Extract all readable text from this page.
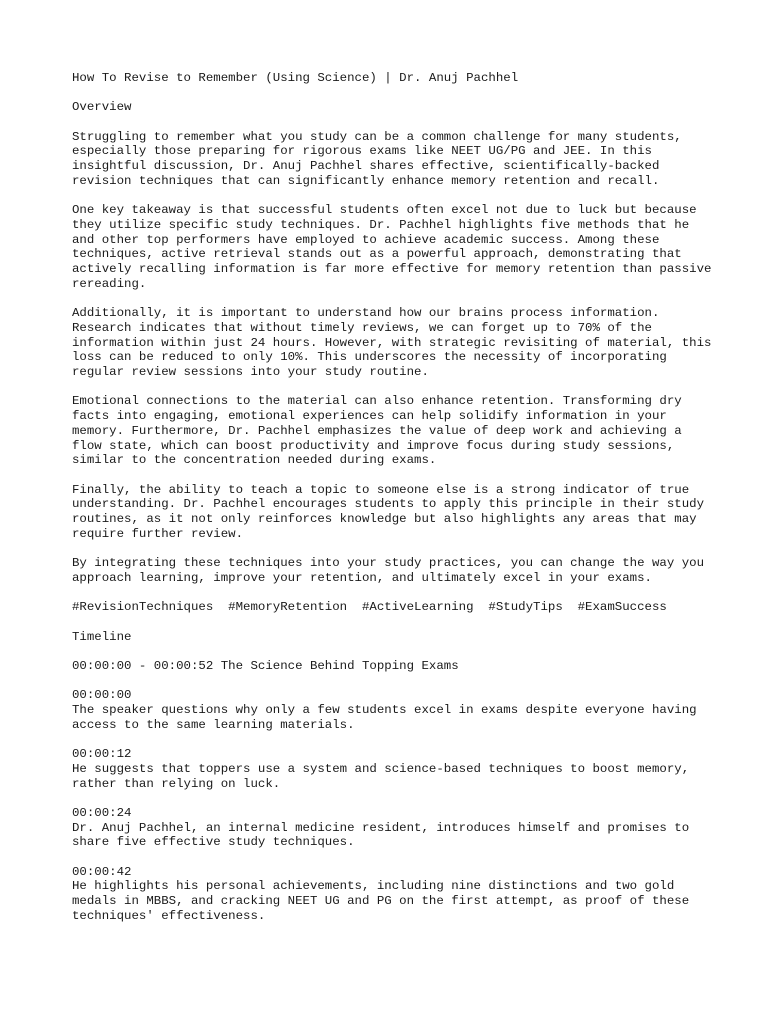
How To Revise to Remember (Using Science) | Dr. Anuj Pachhel
Overview
Struggling to remember what you study can be a common challenge for many students, especially those preparing for rigorous exams like NEET UG/PG and JEE. In this insightful discussion, Dr. Anuj Pachhel shares effective, scientifically-backed revision techniques that can significantly enhance memory retention and recall.
One key takeaway is that successful students often excel not due to luck but because they utilize specific study techniques. Dr. Pachhel highlights five methods that he and other top performers have employed to achieve academic success. Among these techniques, active retrieval stands out as a powerful approach, demonstrating that actively recalling information is far more effective for memory retention than passive rereading.
Additionally, it is important to understand how our brains process information. Research indicates that without timely reviews, we can forget up to 70% of the information within just 24 hours. However, with strategic revisiting of material, this loss can be reduced to only 10%. This underscores the necessity of incorporating regular review sessions into your study routine.
Emotional connections to the material can also enhance retention. Transforming dry facts into engaging, emotional experiences can help solidify information in your memory. Furthermore, Dr. Pachhel emphasizes the value of deep work and achieving a flow state, which can boost productivity and improve focus during study sessions, similar to the concentration needed during exams.
Finally, the ability to teach a topic to someone else is a strong indicator of true understanding. Dr. Pachhel encourages students to apply this principle in their study routines, as it not only reinforces knowledge but also highlights any areas that may require further review.
By integrating these techniques into your study practices, you can change the way you approach learning, improve your retention, and ultimately excel in your exams.
#RevisionTechniques  #MemoryRetention  #ActiveLearning  #StudyTips  #ExamSuccess
Timeline
00:00:00 - 00:00:52 The Science Behind Topping Exams
00:00:00
The speaker questions why only a few students excel in exams despite everyone having access to the same learning materials.
00:00:12
He suggests that toppers use a system and science-based techniques to boost memory, rather than relying on luck.
00:00:24
Dr. Anuj Pachhel, an internal medicine resident, introduces himself and promises to share five effective study techniques.
00:00:42
He highlights his personal achievements, including nine distinctions and two gold medals in MBBS, and cracking NEET UG and PG on the first attempt, as proof of these techniques' effectiveness.
